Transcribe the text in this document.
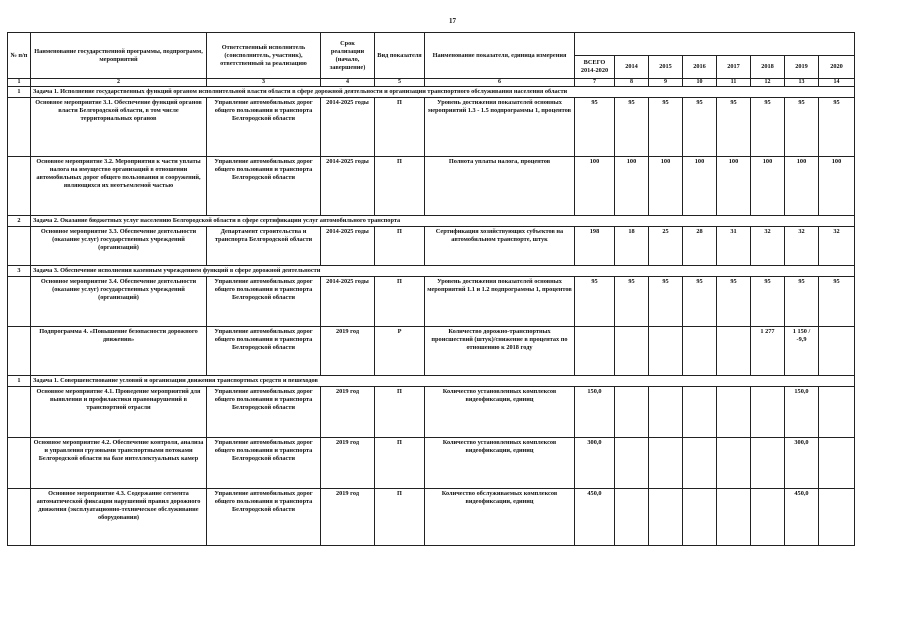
17
№ п/п	Наименование государственной программы, подпрограмм, мероприятий	Ответственный исполнитель (соисполнитель, участник), ответственный за реализацию	Срок реализации (начало, завершение)	Вид показателя	Наименование показателя, единица измерения								
						ВСЕГО 2014-2020	2014	2015	2016	2017	2018	2019	2020
1	2	3	4	5	6	7	8	9	10	11	12	13	14
1	Задача 1. Исполнение государственных функций органом исполнительной власти области в сфере дорожной деятельности и организации транспортного обслуживания населения области												
	Основное мероприятие 3.1. Обеспечение функций органов власти Белгородской области, в том числе территориальных органов	Управление автомобильных дорог общего пользования и транспорта Белгородской области	2014-2025 годы	П	Уровень достижения показателей основных мероприятий 1.3 - 1.5 подпрограммы 1, процентов	95	95	95	95	95	95	95	95
	Основное мероприятие 3.2. Мероприятия к части уплаты налога на имущество организаций в отношении автомобильных дорог общего пользования и сооружений, являющихся их неотъемлемой частью	Управление автомобильных дорог общего пользования и транспорта Белгородской области	2014-2025 годы	П	Полнота уплаты налога, процентов	100	100	100	100	100	100	100	100
2	Задача 2. Оказание бюджетных услуг населению Белгородской области в сфере сертификации услуг автомобильного транспорта												
	Основное мероприятие 3.3. Обеспечение деятельности (оказание услуг) государственных учреждений (организаций)	Департамент строительства и транспорта Белгородской области	2014-2025 годы	П	Сертификация хозяйствующих субъектов на автомобильном транспорте, штук	198	18	25	28	31	32	32	32
3	Задача 3. Обеспечение исполнения казенным учреждением функций в сфере дорожной деятельности												
	Основное мероприятие 3.4. Обеспечение деятельности (оказание услуг) государственных учреждений (организаций)	Управление автомобильных дорог общего пользования и транспорта Белгородской области	2014-2025 годы	П	Уровень достижения показателей основных мероприятий 1.1 и 1.2 подпрограммы 1, процентов	95	95	95	95	95	95	95	95
	Подпрограмма 4. «Повышение безопасности дорожного движения»	Управление автомобильных дорог общего пользования и транспорта Белгородской области	2019 год	Р	Количество дорожно-транспортных происшествий (штук)/снижение в процентах по отношению к 2018 году						1 277	1 150 / -9,9	
1	Задача 1. Совершенствование условий и организации движения транспортных средств и пешеходов												
	Основное мероприятие 4.1. Проведение мероприятий для выявления и профилактики правонарушений в транспортной отрасли	Управление автомобильных дорог общего пользования и транспорта Белгородской области	2019 год	П	Количество установленных комплексов видеофиксации, единиц	150,0						150,0	
	Основное мероприятие 4.2. Обеспечение контроля, анализа и управления грузовыми транспортными потоками Белгородской области на базе интеллектуальных камер	Управление автомобильных дорог общего пользования и транспорта Белгородской области	2019 год	П	Количество установленных комплексов видеофиксации, единиц	300,0						300,0	
	Основное мероприятие 4.3. Содержание сегмента автоматической фиксации нарушений правил дорожного движения (эксплуатационно-техническое обслуживание оборудования)	Управление автомобильных дорог общего пользования и транспорта Белгородской области	2019 год	П	Количество обслуживаемых комплексов видеофиксации, единиц	450,0						450,0	
